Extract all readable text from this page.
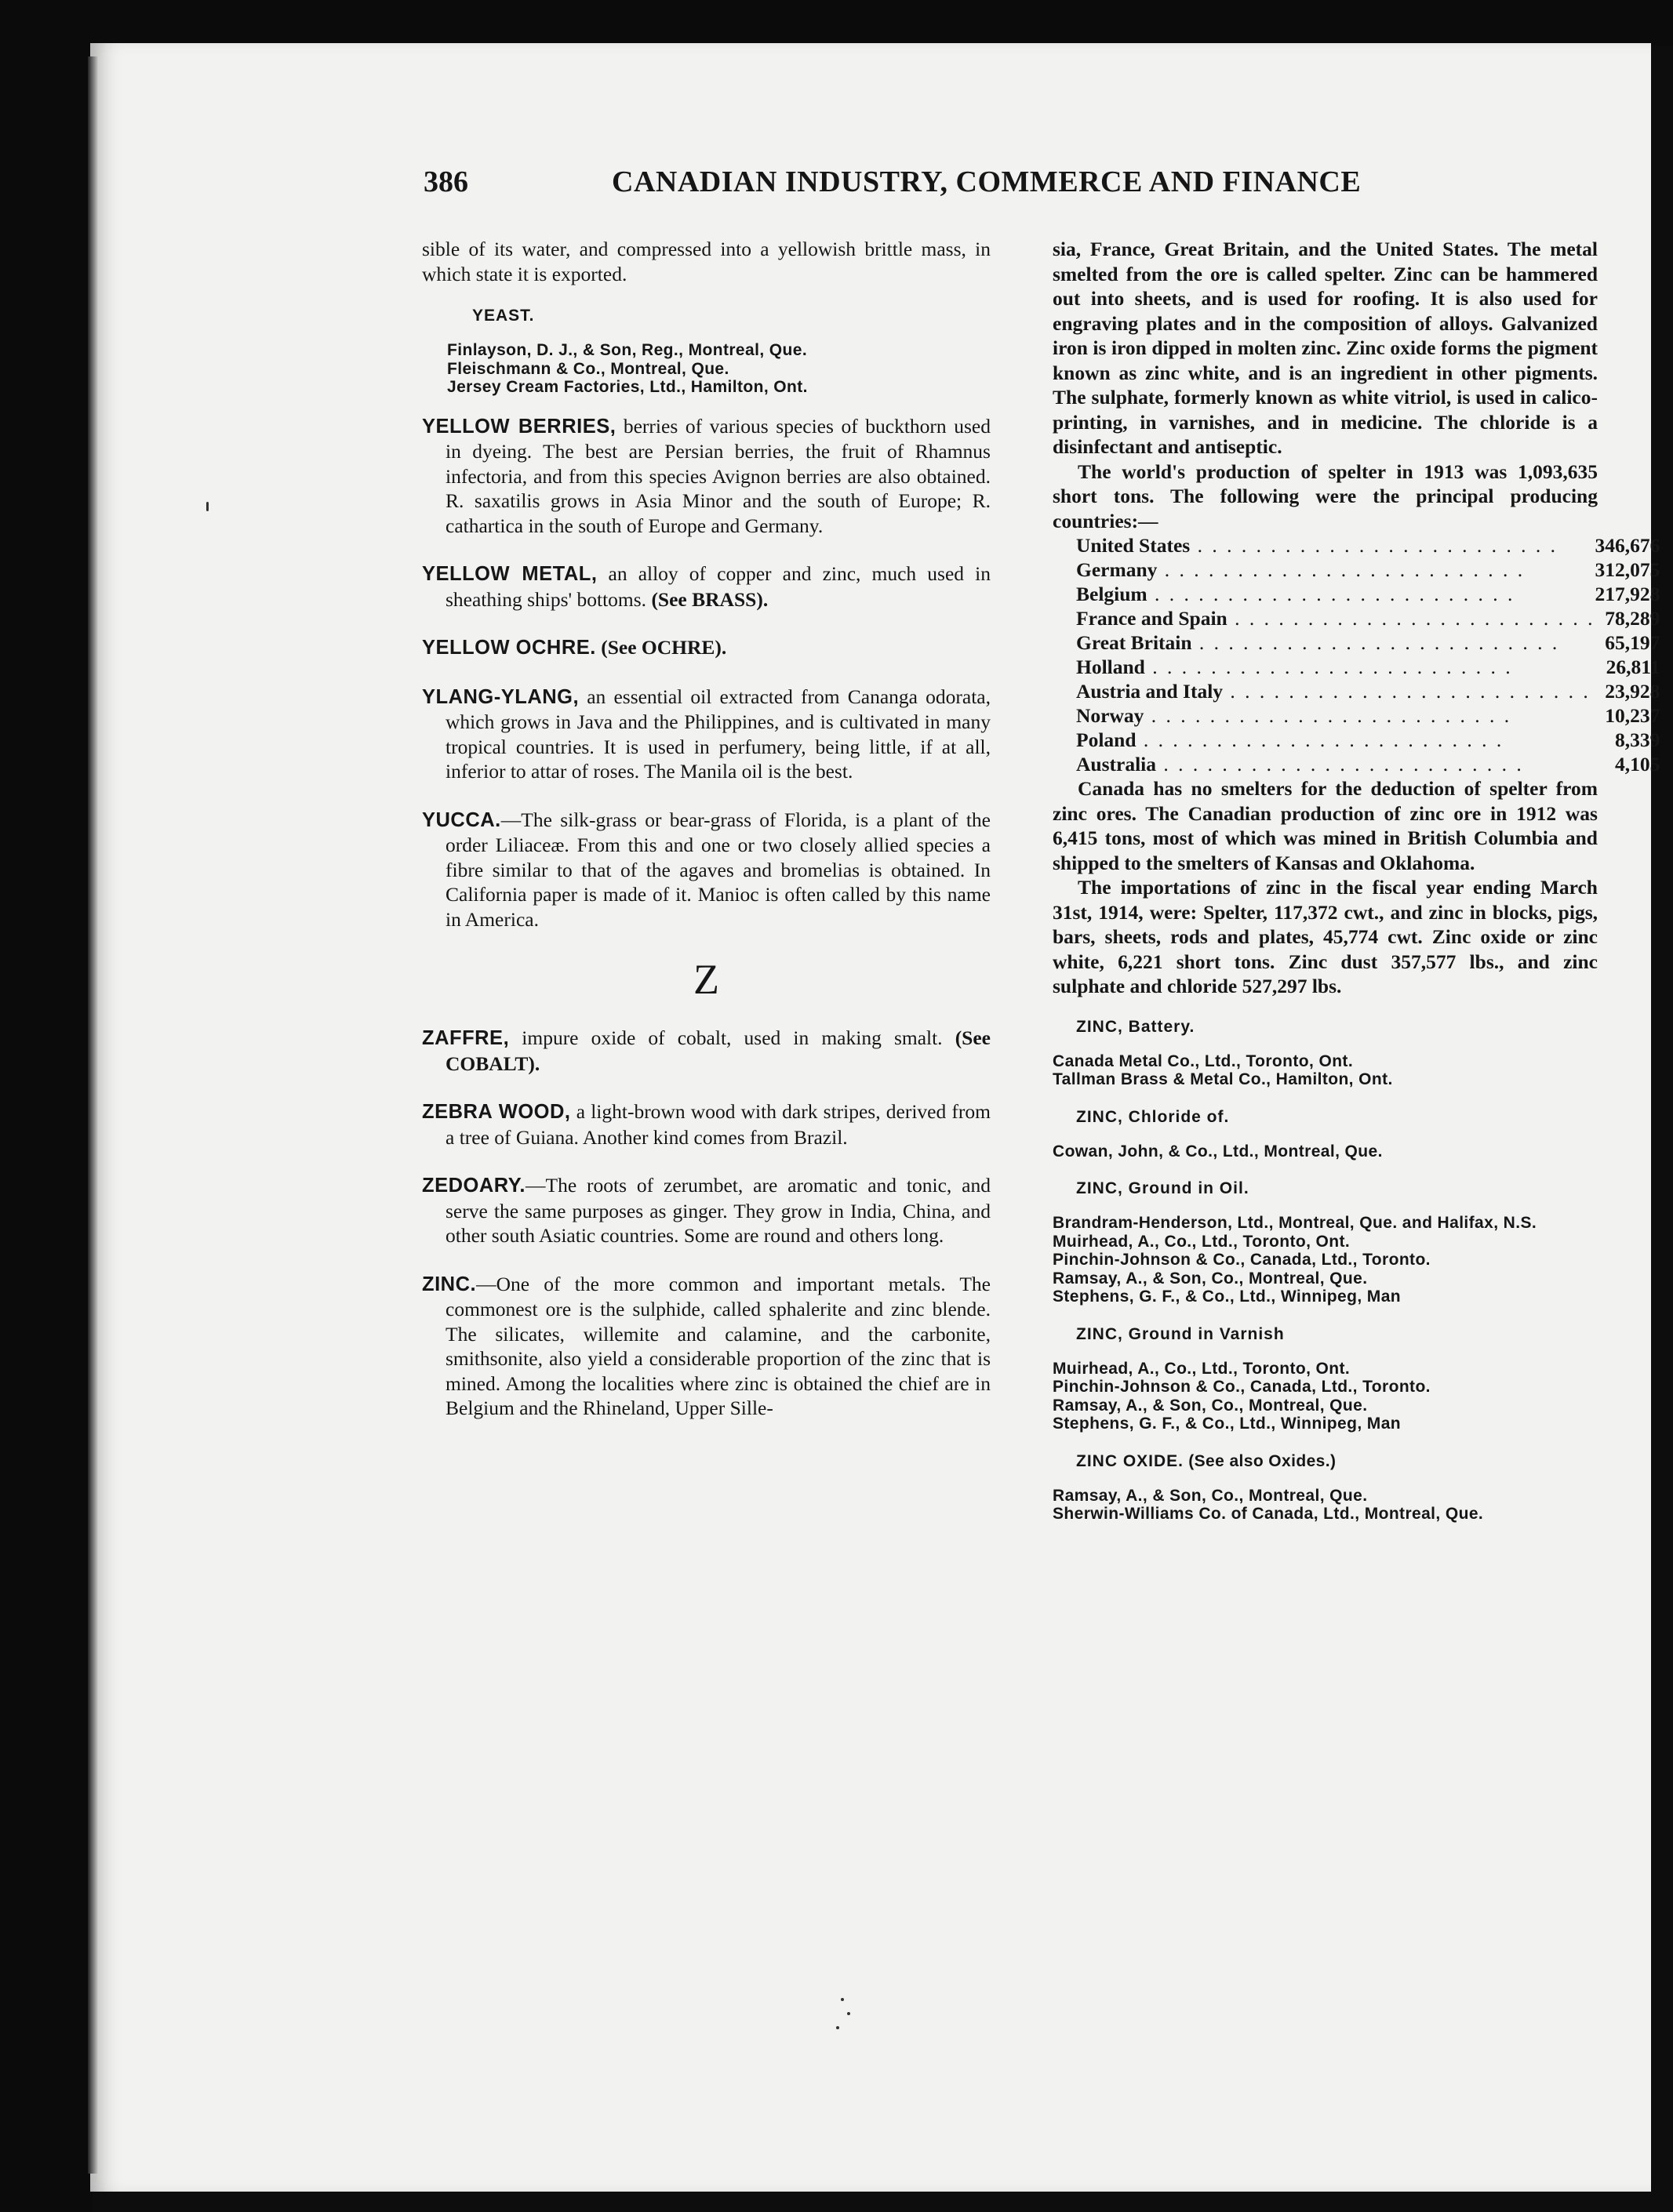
386	CANADIAN INDUSTRY, COMMERCE AND FINANCE

sible of its water, and compressed into a yellowish brittle mass, in which state it is exported.

YEAST.
Finlayson, D. J., & Son, Reg., Montreal, Que.
Fleischmann & Co., Montreal, Que.
Jersey Cream Factories, Ltd., Hamilton, Ont.

YELLOW BERRIES, berries of various species of buckthorn used in dyeing. The best are Persian berries, the fruit of Rhamnus infectoria, and from this species Avignon berries are also obtained. R. saxatilis grows in Asia Minor and the south of Europe; R. cathartica in the south of Europe and Germany.

YELLOW METAL, an alloy of copper and zinc, much used in sheathing ships' bottoms. (See BRASS).

YELLOW OCHRE. (See OCHRE).

YLANG-YLANG, an essential oil extracted from Cananga odorata, which grows in Java and the Philippines, and is cultivated in many tropical countries. It is used in perfumery, being little, if at all, inferior to attar of roses. The Manila oil is the best.

YUCCA.—The silk-grass or bear-grass of Florida, is a plant of the order Liliaceæ. From this and one or two closely allied species a fibre similar to that of the agaves and bromelias is obtained. In California paper is made of it. Manioc is often called by this name in America.

Z

ZAFFRE, impure oxide of cobalt, used in making smalt. (See COBALT).

ZEBRA WOOD, a light-brown wood with dark stripes, derived from a tree of Guiana. Another kind comes from Brazil.

ZEDOARY.—The roots of zerumbet, are aromatic and tonic, and serve the same purposes as ginger. They grow in India, China, and other south Asiatic countries. Some are round and others long.

ZINC.—One of the more common and important metals. The commonest ore is the sulphide, called sphalerite and zinc blende. The silicates, willemite and calamine, and the carbonite, smithsonite, also yield a considerable proportion of the zinc that is mined. Among the localities where zinc is obtained the chief are in Belgium and the Rhineland, Upper Sille-

sia, France, Great Britain, and the United States. The metal smelted from the ore is called spelter. Zinc can be hammered out into sheets, and is used for roofing. It is also used for engraving plates and in the composition of alloys. Galvanized iron is iron dipped in molten zinc. Zinc oxide forms the pigment known as zinc white, and is an ingredient in other pigments. The sulphate, formerly known as white vitriol, is used in calico-printing, in varnishes, and in medicine. The chloride is a disinfectant and antiseptic.

The world's production of spelter in 1913 was 1,093,635 short tons. The following were the principal producing countries:—

United States . . . . . . . . . . . . . . . . . . . . . . . . .	346,676
Germany . . . . . . . . . . . . . . . . . . . . . . . . .	312,075
Belgium . . . . . . . . . . . . . . . . . . . . . . . . .	217,928
France and Spain . . . . . . . . . . . . . . . . . . . . . . . . .	78,289
Great Britain . . . . . . . . . . . . . . . . . . . . . . . . .	65,197
Holland . . . . . . . . . . . . . . . . . . . . . . . . .	26,811
Austria and Italy . . . . . . . . . . . . . . . . . . . . . . . . .	23,928
Norway . . . . . . . . . . . . . . . . . . . . . . . . .	10,237
Poland . . . . . . . . . . . . . . . . . . . . . . . . .	8,339
Australia . . . . . . . . . . . . . . . . . . . . . . . . .	4,105

Canada has no smelters for the deduction of spelter from zinc ores. The Canadian production of zinc ore in 1912 was 6,415 tons, most of which was mined in British Columbia and shipped to the smelters of Kansas and Oklahoma.

The importations of zinc in the fiscal year ending March 31st, 1914, were: Spelter, 117,372 cwt., and zinc in blocks, pigs, bars, sheets, rods and plates, 45,774 cwt. Zinc oxide or zinc white, 6,221 short tons. Zinc dust 357,577 lbs., and zinc sulphate and chloride 527,297 lbs.

ZINC, Battery.
Canada Metal Co., Ltd., Toronto, Ont.
Tallman Brass & Metal Co., Hamilton, Ont.
ZINC, Chloride of.
Cowan, John, & Co., Ltd., Montreal, Que.
ZINC, Ground in Oil.
Brandram-Henderson, Ltd., Montreal, Que. and Halifax, N.S.
Muirhead, A., Co., Ltd., Toronto, Ont.
Pinchin-Johnson & Co., Canada, Ltd., Toronto.
Ramsay, A., & Son, Co., Montreal, Que.
Stephens, G. F., & Co., Ltd., Winnipeg, Man
ZINC, Ground in Varnish
Muirhead, A., Co., Ltd., Toronto, Ont.
Pinchin-Johnson & Co., Canada, Ltd., Toronto.
Ramsay, A., & Son, Co., Montreal, Que.
Stephens, G. F., & Co., Ltd., Winnipeg, Man
ZINC OXIDE. (See also Oxides.)
Ramsay, A., & Son, Co., Montreal, Que.
Sherwin-Williams Co. of Canada, Ltd., Montreal, Que.
